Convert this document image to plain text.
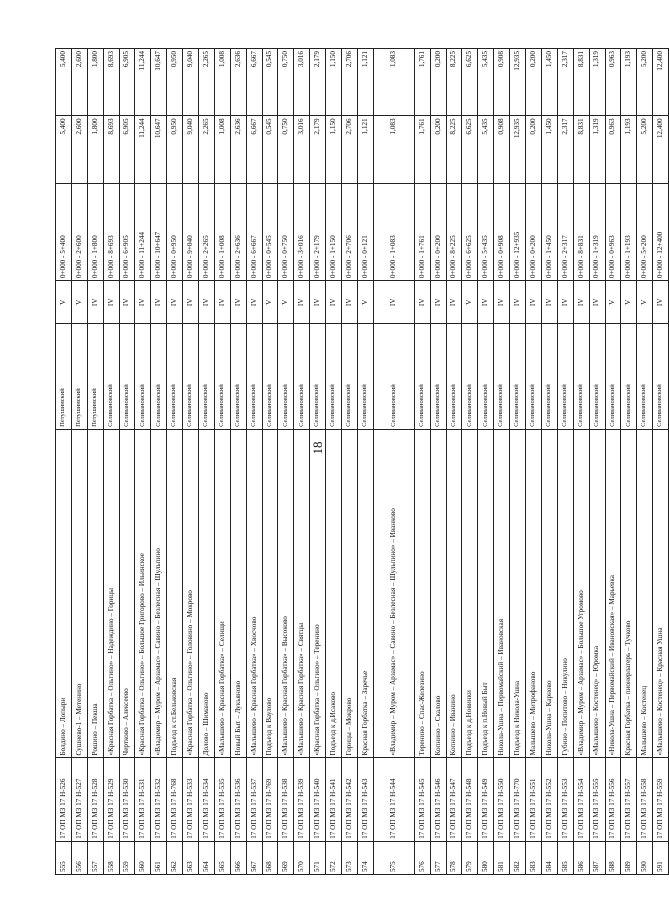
18
555	17 ОП МЗ 17 Н-526	Болдино – Лопыри	Петушинский	V	0+000 - 5+400	5,400	5,400
556	17 ОП МЗ 17 Н-527	Сушнево-1 – Метенино	Петушинский	V	0+000 - 2+600	2,600	2,600
557	17 ОП МЗ 17 Н-528	Рошино – Пекша	Петушинский	IV	0+000 - 1+800	1,800	1,800
558	17 ОП МЗ 17 Н-529	«Красная Горбатка – Ольгино» – Надеждино – Горицы	Селивановский	IV	0+000 - 8+693	8,693	8,693
559	17 ОП МЗ 17 Н-530	Чертково – Алексеево	Селивановский	IV	0+000 - 6+905	6,905	6,905
560	17 ОП МЗ 17 Н-531	«Красная Горбатка – Ольгино» – Большое Григорово – Ильинское	Селивановский	IV	0+000 - 11+244	11,244	11,244
561	17 ОП МЗ 17 Н-532	«Владимир – Муром – Арзамас» – Савино – Безлесная – Шульпино	Селивановский	IV	0+000 - 10+647	10,647	10,647
562	17 ОП МЗ 17 Н-768	Подъезд к ст.Бельковская	Селивановский	IV	0+000 - 0+950	0,950	0,950
563	17 ОП МЗ 17 Н-533	«Красная Горбатка – Ольгино» – Головино – Мокрово	Селивановский	IV	0+000 - 9+040	9,040	9,040
564	17 ОП МЗ 17 Н-534	Долово – Шиманово	Селивановский	IV	0+000 - 2+265	2,265	2,265
565	17 ОП МЗ 17 Н-535	«Малышево – Красная Горбатка» – Селищи	Селивановский	IV	0+000 - 1+008	1,008	1,008
566	17 ОП МЗ 17 Н-536	Новый Быт – Лукьяново	Селивановский	IV	0+000 - 2+636	2,636	2,636
567	17 ОП МЗ 17 Н-537	«Малышево – Красная Горбатка» – Хвосчово	Селивановский	IV	0+000 - 6+667	6,667	6,667
568	17 ОП МЗ 17 Н-769	Подъезд к Ваулово	Селивановский	V	0+000 - 0+545	0,545	0,545
569	17 ОП МЗ 17 Н-538	«Малышево – Красная Горбатка» – Высоково	Селивановский	V	0+000 - 0+750	0,750	0,750
570	17 ОП МЗ 17 Н-539	«Малышево – Красная Горбатка» – Святцы	Селивановский	IV	0+000 - 3+016	3,016	3,016
571	17 ОП МЗ 17 Н-540	«Красная Горбатка – Ольгино» – Теренино	Селивановский	IV	0+000 - 2+179	2,179	2,179
572	17 ОП МЗ 17 Н-541	Подъезд к д.Исаково	Селивановский	IV	0+000 - 1+150	1,150	1,150
573	17 ОП МЗ 17 Н-542	Горицы – Мокрово	Селивановский	IV	0+000 - 2+706	2,706	2,706
574	17 ОП МЗ 17 Н-543	Красная Горбатка – Заречье	Селивановский	V	0+000 - 0+121	1,121	1,121
575	17 ОП МЗ 17 Н-544	«Владимир – Муром – Арзамас» – Савино – Безлесная – Шульпино» – Иванково	Селивановский	IV	0+000 - 1+083	1,083	1,083
576	17 ОП МЗ 17 Н-545	Теренино – Спас-Железино	Селивановский	IV	0+000 - 1+761	1,761	1,761
577	17 ОП МЗ 17 Н-546	Копнино – Скалово	Селивановский	IV	0+000 - 0+200	0,200	0,200
578	17 ОП МЗ 17 Н-547	Копнино – Иванино	Селивановский	IV	0+000 - 8+225	8,225	8,225
579	17 ОП МЗ 17 Н-548	Подъезд к д.Новинки	Селивановский	V	0+000 - 6+625	6,625	6,625
580	17 ОП МЗ 17 Н-549	Подъезд к п.Новый Быт	Селивановский	IV	0+000 - 5+435	5,435	5,435
581	17 ОП МЗ 17 Н-550	Никола-Ушна – Первомайский – Ивановская	Селивановский	IV	0+000 - 0+908	0,908	0,908
582	17 ОП МЗ 17 Н-770	Подъезд к Никола-Ушна	Селивановский	IV	0+000 - 12+935	12,935	12,935
583	17 ОП МЗ 17 Н-551	Малышево – Митрофаново	Селивановский	IV	0+000 - 0+200	0,200	0,200
584	17 ОП МЗ 17 Н-552	Никола-Ушна – Карново	Селивановский	IV	0+000 - 1+450	1,450	1,450
585	17 ОП МЗ 17 Н-553	Губино – Попитово – Никулино	Селивановский	IV	0+000 - 2+317	2,317	2,317
586	17 ОП МЗ 17 Н-554	«Владимир – Муром – Арзамас» – Большое Угромово	Селивановский	IV	0+000 - 8+831	8,831	8,831
587	17 ОП МЗ 17 Н-555	«Малышево – Костенец» – Юромка	Селивановский	IV	0+000 - 1+319	1,319	1,319
588	17 ОП МЗ 17 Н-556	«Никола-Ушна – Первомайский – Ивановская» – Марьевка	Селивановский	V	0+000 - 0+963	0,963	0,963
589	17 ОП МЗ 17 Н-557	Красная Горбатка – пионерлагерь – Тучково	Селивановский	V	0+000 - 1+193	1,193	1,193
590	17 ОП МЗ 17 Н-558	Малышево – Костенец	Селивановский	V	0+000 - 5+200	5,200	5,200
591	17 ОП МЗ 17 Н-559	«Малышево – Костенец» – Красная Ушна	Селивановский	IV	0+000 - 12+400	12,400	12,400
